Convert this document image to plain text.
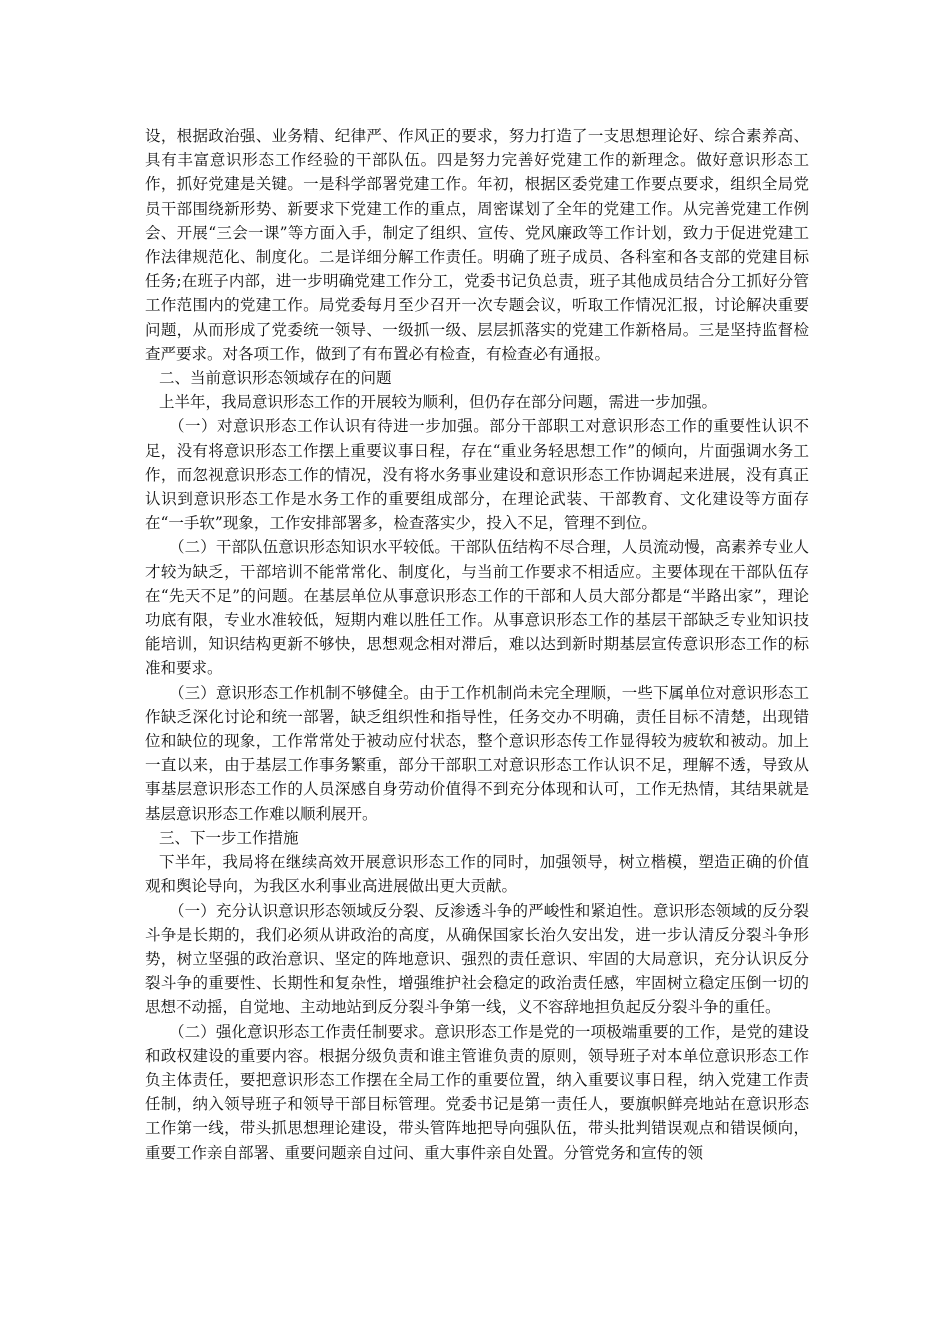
设，根据政治强、业务精、纪律严、作风正的要求，努力打造了一支思想理论好、综合素养高、具有丰富意识形态工作经验的干部队伍。四是努力完善好党建工作的新理念。做好意识形态工作，抓好党建是关键。一是科学部署党建工作。年初，根据区委党建工作要点要求，组织全局党员干部围绕新形势、新要求下党建工作的重点，周密谋划了全年的党建工作。从完善党建工作例会、开展“三会一课”等方面入手，制定了组织、宣传、党风廉政等工作计划，致力于促进党建工作法律规范化、制度化。二是详细分解工作责任。明确了班子成员、各科室和各支部的党建目标任务;在班子内部，进一步明确党建工作分工，党委书记负总责，班子其他成员结合分工抓好分管工作范围内的党建工作。局党委每月至少召开一次专题会议，听取工作情况汇报，讨论解决重要问题，从而形成了党委统一领导、一级抓一级、层层抓落实的党建工作新格局。三是坚持监督检查严要求。对各项工作，做到了有布置必有检查，有检查必有通报。

二、当前意识形态领域存在的问题

上半年，我局意识形态工作的开展较为顺利，但仍存在部分问题，需进一步加强。

（一）对意识形态工作认识有待进一步加强。部分干部职工对意识形态工作的重要性认识不足，没有将意识形态工作摆上重要议事日程，存在“重业务轻思想工作”的倾向，片面强调水务工作，而忽视意识形态工作的情况，没有将水务事业建设和意识形态工作协调起来进展，没有真正认识到意识形态工作是水务工作的重要组成部分，在理论武装、干部教育、文化建设等方面存在“一手软”现象，工作安排部署多，检查落实少，投入不足，管理不到位。

（二）干部队伍意识形态知识水平较低。干部队伍结构不尽合理，人员流动慢，高素养专业人才较为缺乏，干部培训不能常常化、制度化，与当前工作要求不相适应。主要体现在干部队伍存在“先天不足”的问题。在基层单位从事意识形态工作的干部和人员大部分都是“半路出家”，理论功底有限，专业水准较低，短期内难以胜任工作。从事意识形态工作的基层干部缺乏专业知识技能培训，知识结构更新不够快，思想观念相对滞后，难以达到新时期基层宣传意识形态工作的标准和要求。

（三）意识形态工作机制不够健全。由于工作机制尚未完全理顺，一些下属单位对意识形态工作缺乏深化讨论和统一部署，缺乏组织性和指导性，任务交办不明确，责任目标不清楚，出现错位和缺位的现象，工作常常处于被动应付状态，整个意识形态传工作显得较为疲软和被动。加上一直以来，由于基层工作事务繁重，部分干部职工对意识形态工作认识不足，理解不透，导致从事基层意识形态工作的人员深感自身劳动价值得不到充分体现和认可，工作无热情，其结果就是基层意识形态工作难以顺利展开。

三、下一步工作措施

下半年，我局将在继续高效开展意识形态工作的同时，加强领导，树立楷模，塑造正确的价值观和舆论导向，为我区水利事业高进展做出更大贡献。

（一）充分认识意识形态领域反分裂、反渗透斗争的严峻性和紧迫性。意识形态领域的反分裂斗争是长期的，我们必须从讲政治的高度，从确保国家长治久安出发，进一步认清反分裂斗争形势，树立坚强的政治意识、坚定的阵地意识、强烈的责任意识、牢固的大局意识，充分认识反分裂斗争的重要性、长期性和复杂性，增强维护社会稳定的政治责任感，牢固树立稳定压倒一切的思想不动摇，自觉地、主动地站到反分裂斗争第一线，义不容辞地担负起反分裂斗争的重任。

（二）强化意识形态工作责任制要求。意识形态工作是党的一项极端重要的工作，是党的建设和政权建设的重要内容。根据分级负责和谁主管谁负责的原则，领导班子对本单位意识形态工作负主体责任，要把意识形态工作摆在全局工作的重要位置，纳入重要议事日程，纳入党建工作责任制，纳入领导班子和领导干部目标管理。党委书记是第一责任人，要旗帜鲜亮地站在意识形态工作第一线，带头抓思想理论建设，带头管阵地把导向强队伍，带头批判错误观点和错误倾向，重要工作亲自部署、重要问题亲自过问、重大事件亲自处置。分管党务和宣传的领
